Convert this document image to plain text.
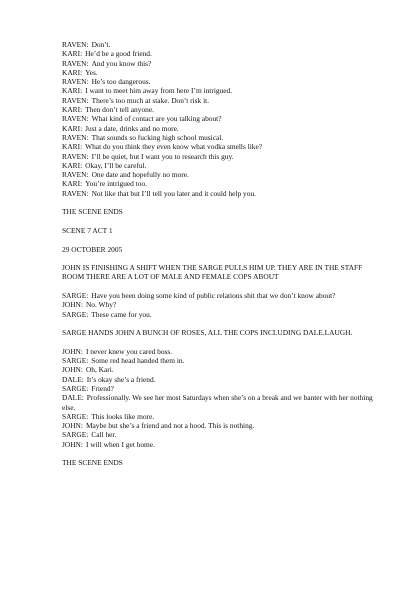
RAVEN : Don’t.
KARI : He’d be a good friend.
RAVEN : And you know this?
KARI : Yes.
RAVEN : He’s too dangerous.
KARI : I want to meet him away from here I’m intrigued.
RAVEN : There’s too much at stake. Don’t risk it.
KARI : Then don’t tell anyone.
RAVEN : What kind of contact are you talking about?
KARI : Just a date, drinks and no more.
RAVEN : That sounds so fucking high school musical.
KARI : What do you think they even know what vodka smells like?
RAVEN : I’ll be quiet, but I want you to research this guy.
KARI : Okay, I’ll be careful.
RAVEN : One date and hopefully no more.
KARI : You’re intrigued too.
RAVEN : Not like that but I’ll tell you later and it could help you.
THE SCENE ENDS
SCENE 7 ACT 1
29 OCTOBER 2005
JOHN IS FINISHING A SHIFT WHEN THE SARGE PULLS HIM UP. THEY ARE IN THE STAFF ROOM THERE ARE A LOT OF MALE AND FEMALE COPS ABOUT
SARGE : Have you been doing some kind of public relations shit that we don’t know about?
JOHN : No. Why?
SARGE : These came for you.
SARGE HANDS JOHN A BUNCH OF ROSES, ALL THE COPS INCLUDING DALE.LAUGH.
JOHN : I never knew you cared boss.
SARGE : Some red head handed them in.
JOHN : Oh, Kari.
DALE : It’s okay she’s a friend.
SARGE : Friend?
DALE : Professionally. We see her most Saturdays when she’s on a break and we banter with her nothing else.
SARGE : This looks like more.
JOHN : Maybe but she’s a friend and not a hood. This is nothing.
SARGE : Call her.
JOHN : I will when I get home.
THE SCENE ENDS
